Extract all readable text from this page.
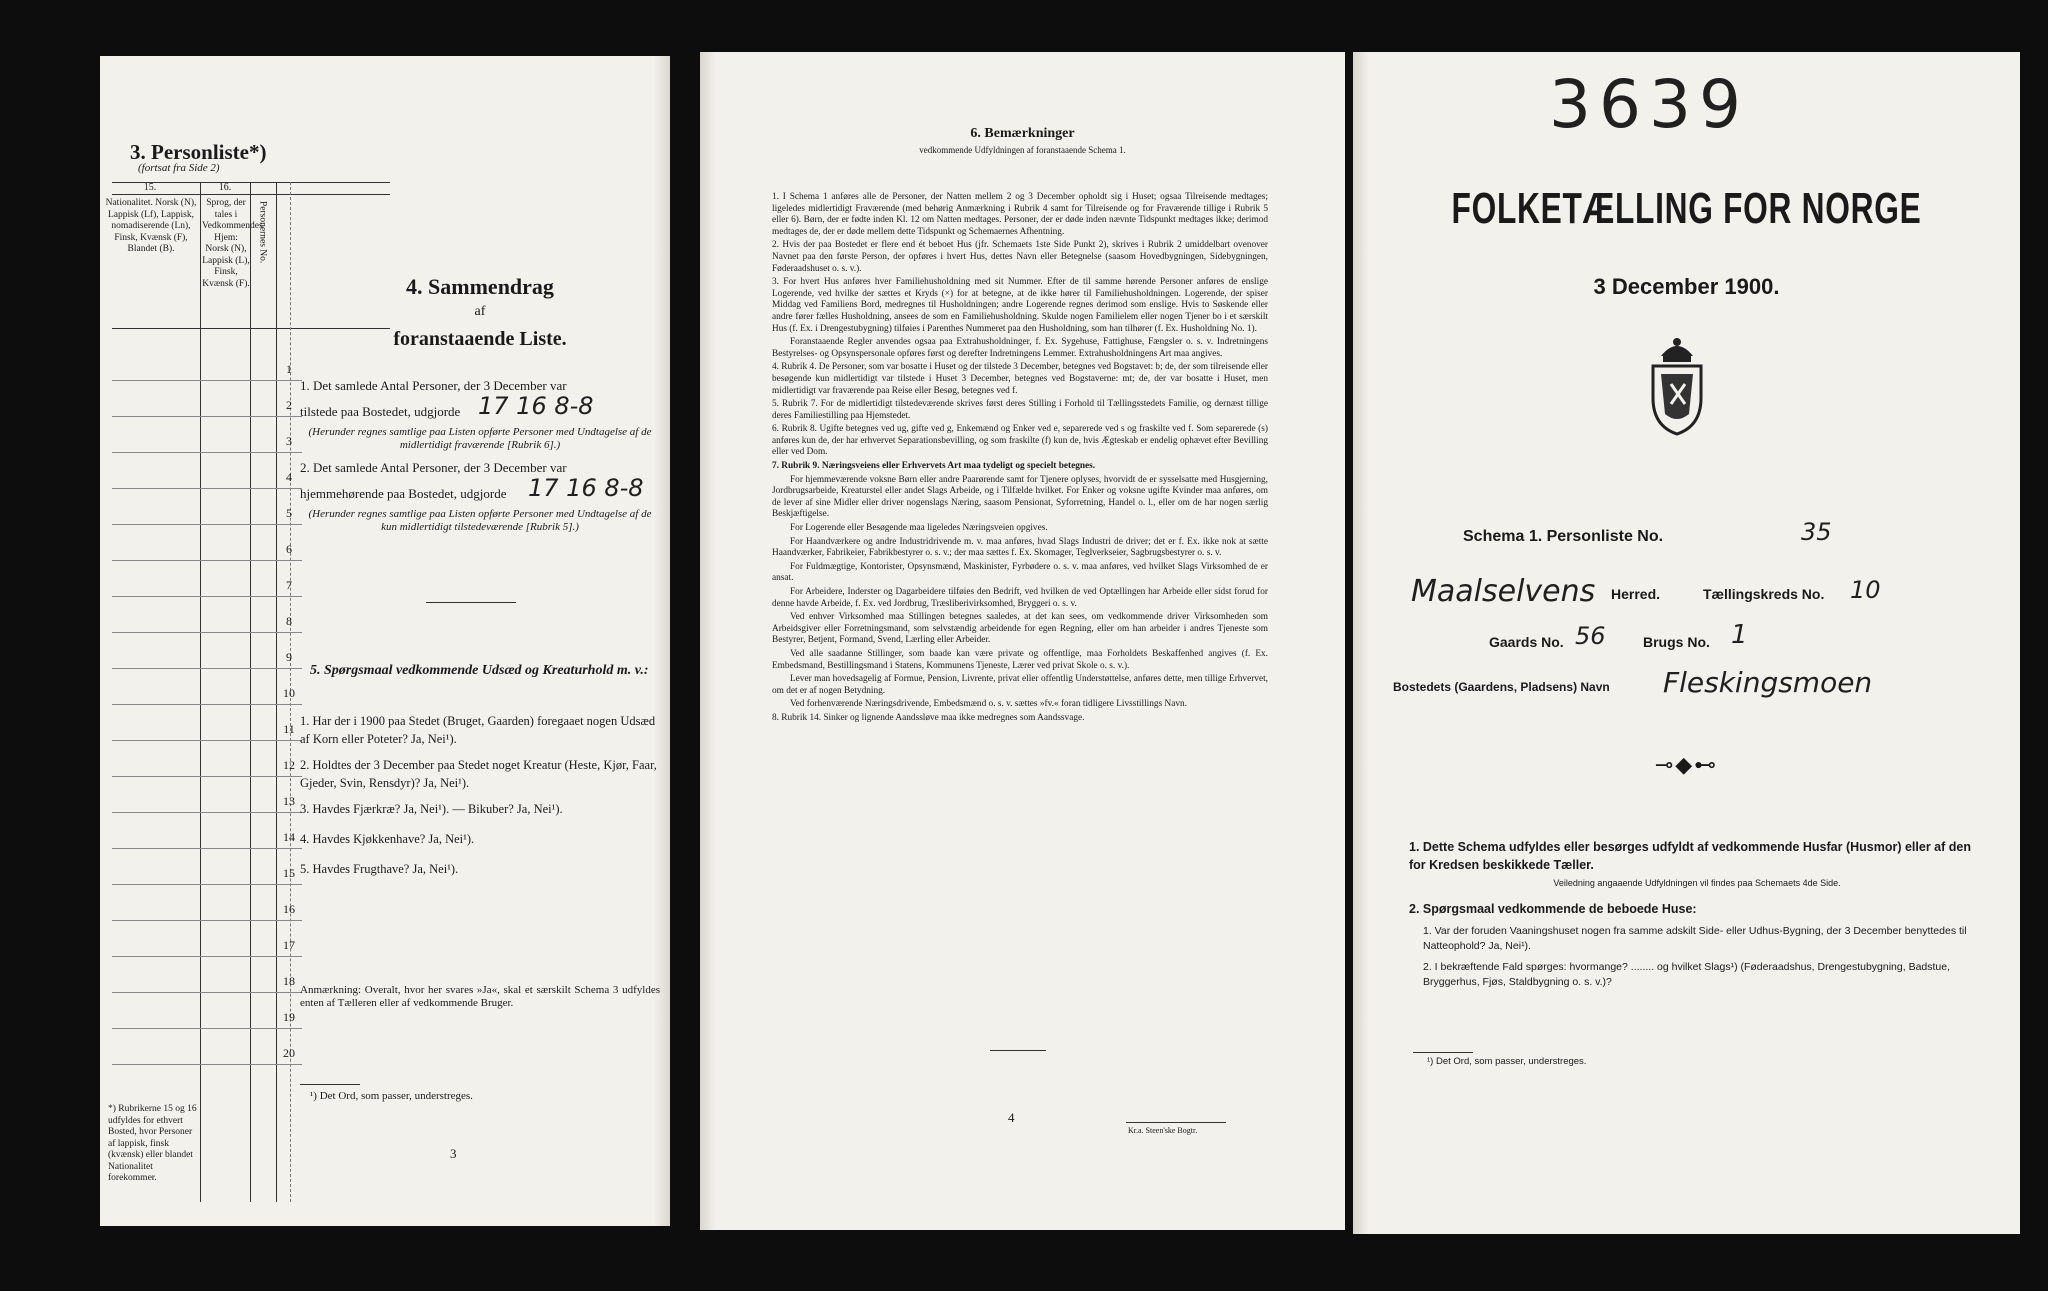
3. Personliste*)
(fortsat fra Side 2)
15.	16.
Nationalitet. Norsk (N), Lappisk (Lf), Lappisk, nomadiserende (Ln), Finsk, Kvænsk (F), Blandet (B).
Sprog, der tales i Vedkommendes Hjem: Norsk (N), Lappisk (L), Finsk, Kvænsk (F).
Personernes No.
1
2
3
4
5
6
7
8
9
10
11
12
13
14
15
16
17
18
19
20
*) Rubrikerne 15 og 16 udfyldes for ethvert Bosted, hvor Personer af lappisk, finsk (kvænsk) eller blandet Nationalitet forekommer.
3
4. Sammendrag
af
foranstaaende Liste.
1. Det samlede Antal Personer, der 3 December var
tilstede paa Bostedet, udgjorde 17 16 8-8
(Herunder regnes samtlige paa Listen opførte Personer med Undtagelse af de midlertidigt fraværende [Rubrik 6].)
2. Det samlede Antal Personer, der 3 December var
hjemmehørende paa Bostedet, udgjorde 17 16 8-8
(Herunder regnes samtlige paa Listen opførte Personer med Undtagelse af de kun midlertidigt tilstedeværende [Rubrik 5].)
5. Spørgsmaal vedkommende Udsæd og Kreaturhold m. v.:
1. Har der i 1900 paa Stedet (Bruget, Gaarden) foregaaet nogen Udsæd af Korn eller Poteter? Ja, Nei¹).
2. Holdtes der 3 December paa Stedet noget Kreatur (Heste, Kjør, Faar, Gjeder, Svin, Rensdyr)? Ja, Nei¹).
3. Havdes Fjærkræ? Ja, Nei¹). — Bikuber? Ja, Nei¹).
4. Havdes Kjøkkenhave? Ja, Nei¹).
5. Havdes Frugthave? Ja, Nei¹).
Anmærkning: Overalt, hvor her svares »Ja«, skal et særskilt Schema 3 udfyldes enten af Tælleren eller af vedkommende Bruger.
¹) Det Ord, som passer, understreges.
6. Bemærkninger
vedkommende Udfyldningen af foranstaaende Schema 1.

1. I Schema 1 anføres alle de Personer, der Natten mellem 2 og 3 December opholdt sig i Huset; ogsaa Tilreisende medtages; ligeledes midlertidigt Fraværende (med behørig Anmærkning i Rubrik 4 samt for Tilreisende og for Fraværende tillige i Rubrik 5 eller 6). Børn, der er fødte inden Kl. 12 om Natten medtages. Personer, der er døde inden nævnte Tidspunkt medtages ikke; derimod medtages de, der er døde mellem dette Tidspunkt og Schemaernes Afhentning.

2. Hvis der paa Bostedet er flere end ét beboet Hus (jfr. Schemaets 1ste Side Punkt 2), skrives i Rubrik 2 umiddelbart ovenover Navnet paa den første Person, der opføres i hvert Hus, dettes Navn eller Betegnelse (saasom Hovedbygningen, Sidebygningen, Føderaadshuset o. s. v.).

3. For hvert Hus anføres hver Familiehusholdning med sit Nummer. Efter de til samme hørende Personer anføres de enslige Logerende, ved hvilke der sættes et Kryds (×) for at betegne, at de ikke hører til Familiehusholdningen. Logerende, der spiser Middag ved Familiens Bord, medregnes til Husholdningen; andre Logerende regnes derimod som enslige. Hvis to Søskende eller andre fører fælles Husholdning, ansees de som en Familiehusholdning. Skulde nogen Familielem eller nogen Tjener bo i et særskilt Hus (f. Ex. i Drengestubygning) tilføies i Parenthes Nummeret paa den Husholdning, som han tilhører (f. Ex. Husholdning No. 1).

Foranstaaende Regler anvendes ogsaa paa Extrahusholdninger, f. Ex. Sygehuse, Fattighuse, Fængsler o. s. v. Indretningens Bestyrelses- og Opsynspersonale opføres først og derefter Indretningens Lemmer. Extrahusholdningens Art maa angives.

4. Rubrik 4. De Personer, som var bosatte i Huset og der tilstede 3 December, betegnes ved Bogstavet: b; de, der som tilreisende eller besøgende kun midlertidigt var tilstede i Huset 3 December, betegnes ved Bogstaverne: mt; de, der var bosatte i Huset, men midlertidigt var fraværende paa Reise eller Besøg, betegnes ved f.

5. Rubrik 7. For de midlertidigt tilstedeværende skrives først deres Stilling i Forhold til Tællingsstedets Familie, og dernæst tillige deres Familiestilling paa Hjemstedet.

6. Rubrik 8. Ugifte betegnes ved ug, gifte ved g, Enkemænd og Enker ved e, separerede ved s og fraskilte ved f. Som separerede (s) anføres kun de, der har erhvervet Separationsbevilling, og som fraskilte (f) kun de, hvis Ægteskab er endelig ophævet efter Bevilling eller ved Dom.

7. Rubrik 9. Næringsveiens eller Erhvervets Art maa tydeligt og specielt betegnes.

For hjemmeværende voksne Børn eller andre Paarørende samt for Tjenere oplyses, hvorvidt de er sysselsatte med Husgjerning, Jordbrugsarbeide, Kreaturstel eller andet Slags Arbeide, og i Tilfælde hvilket. For Enker og voksne ugifte Kvinder maa anføres, om de lever af sine Midler eller driver nogenslags Næring, saasom Pensionat, Syforretning, Handel o. l., eller om de har nogen særlig Beskjæftigelse.

For Logerende eller Besøgende maa ligeledes Næringsveien opgives.

For Haandværkere og andre Industridrivende m. v. maa anføres, hvad Slags Industri de driver; det er f. Ex. ikke nok at sætte Haandværker, Fabrikeier, Fabrikbestyrer o. s. v.; der maa sættes f. Ex. Skomager, Teglverkseier, Sagbrugsbestyrer o. s. v.

For Fuldmægtige, Kontorister, Opsynsmænd, Maskinister, Fyrbødere o. s. v. maa anføres, ved hvilket Slags Virksomhed de er ansat.

For Arbeidere, Inderster og Dagarbeidere tilføies den Bedrift, ved hvilken de ved Optællingen har Arbeide eller sidst forud for denne havde Arbeide, f. Ex. ved Jordbrug, Træsliberivirksomhed, Bryggeri o. s. v.

Ved enhver Virksomhed maa Stillingen betegnes saaledes, at det kan sees, om vedkommende driver Virksomheden som Arbeidsgiver eller Forretningsmand, som selvstændig arbeidende for egen Regning, eller om han arbeider i andres Tjeneste som Bestyrer, Betjent, Formand, Svend, Lærling eller Arbeider.

Ved alle saadanne Stillinger, som baade kan være private og offentlige, maa Forholdets Beskaffenhed angives (f. Ex. Embedsmand, Bestillingsmand i Statens, Kommunens Tjeneste, Lærer ved privat Skole o. s. v.).

Lever man hovedsagelig af Formue, Pension, Livrente, privat eller offentlig Understøttelse, anføres dette, men tillige Erhvervet, om det er af nogen Betydning.

Ved forhenværende Næringsdrivende, Embedsmænd o. s. v. sættes »fv.« foran tidligere Livsstillings Navn.

8. Rubrik 14. Sinker og lignende Aandssløve maa ikke medregnes som Aandssvage.

4
Kr.a. Steen'ske Bogtr.
3639
FOLKETÆLLING FOR NORGE
3 December 1900.
Schema 1. Personliste No.	35
Maalselvens Herred.	Tællingskreds No. 10
Gaards No. 56	Brugs No. 1
Bostedets (Gaardens, Pladsens) Navn Fleskingsmoen
⊸◆⊷
1. Dette Schema udfyldes eller besørges udfyldt af vedkommende Husfar (Husmor) eller af den for Kredsen beskikkede Tæller.
Veiledning angaaende Udfyldningen vil findes paa Schemaets 4de Side.
2. Spørgsmaal vedkommende de beboede Huse:
1. Var der foruden Vaaningshuset nogen fra samme adskilt Side- eller Udhus-Bygning, der 3 December benyttedes til Natteophold? Ja, Nei¹).
2. I bekræftende Fald spørges: hvormange? ........ og hvilket Slags¹) (Føderaadshus, Drengestubygning, Badstue, Bryggerhus, Fjøs, Staldbygning o. s. v.)?
¹) Det Ord, som passer, understreges.
